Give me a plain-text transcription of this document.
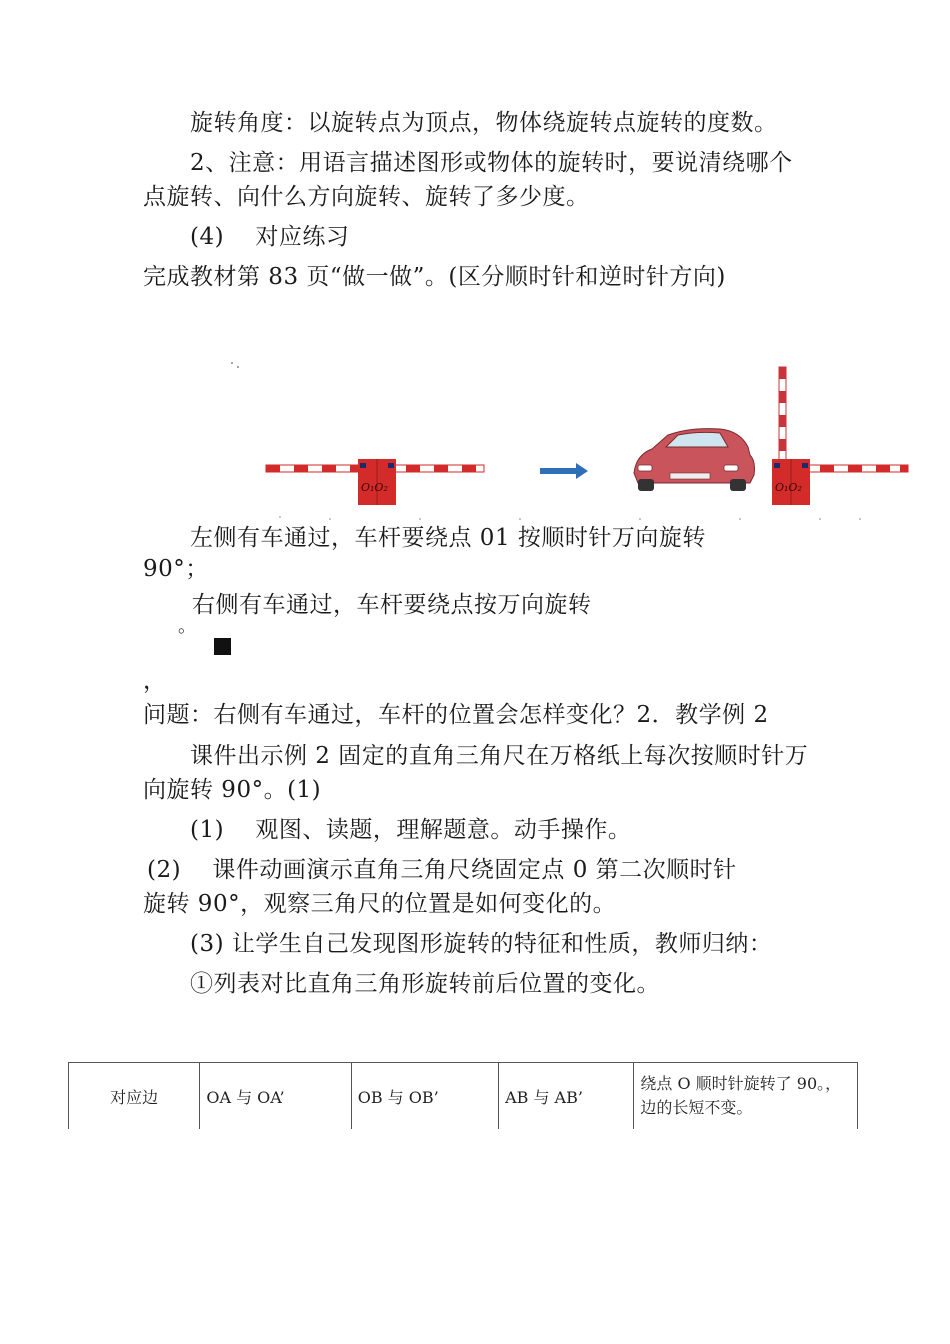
旋转角度：以旋转点为顶点，物体绕旋转点旋转的度数。
2、注意：用语言描述图形或物体的旋转时，要说清绕哪个
点旋转、向什么方向旋转、旋转了多少度。
(4)　 对应练习
完成教材第 83 页“做一做”。(区分顺时针和逆时针方向)
O₁O₂	O₁O₂
左侧有车通过，车杆要绕点 01 按顺时针万向旋转
90°；
右侧有车通过，车杆要绕点按万向旋转
。
，
问题：右侧有车通过，车杆的位置会怎样变化？2．教学例 2
课件出示例 2 固定的直角三角尺在万格纸上每次按顺时针万
向旋转 90°。(1)
(1)　 观图、读题，理解题意。动手操作。
(2)　 课件动画演示直角三角尺绕固定点 0 第二次顺时针
旋转 90°，观察三角尺的位置是如何变化的。
(3) 让学生自己发现图形旋转的特征和性质，教师归纳：
①列表对比直角三角形旋转前后位置的变化。
对应边	OA 与 OA’	OB 与 OB’	AB 与 AB’	绕点 O 顺时针旋转了 90。，边的长短不变。
